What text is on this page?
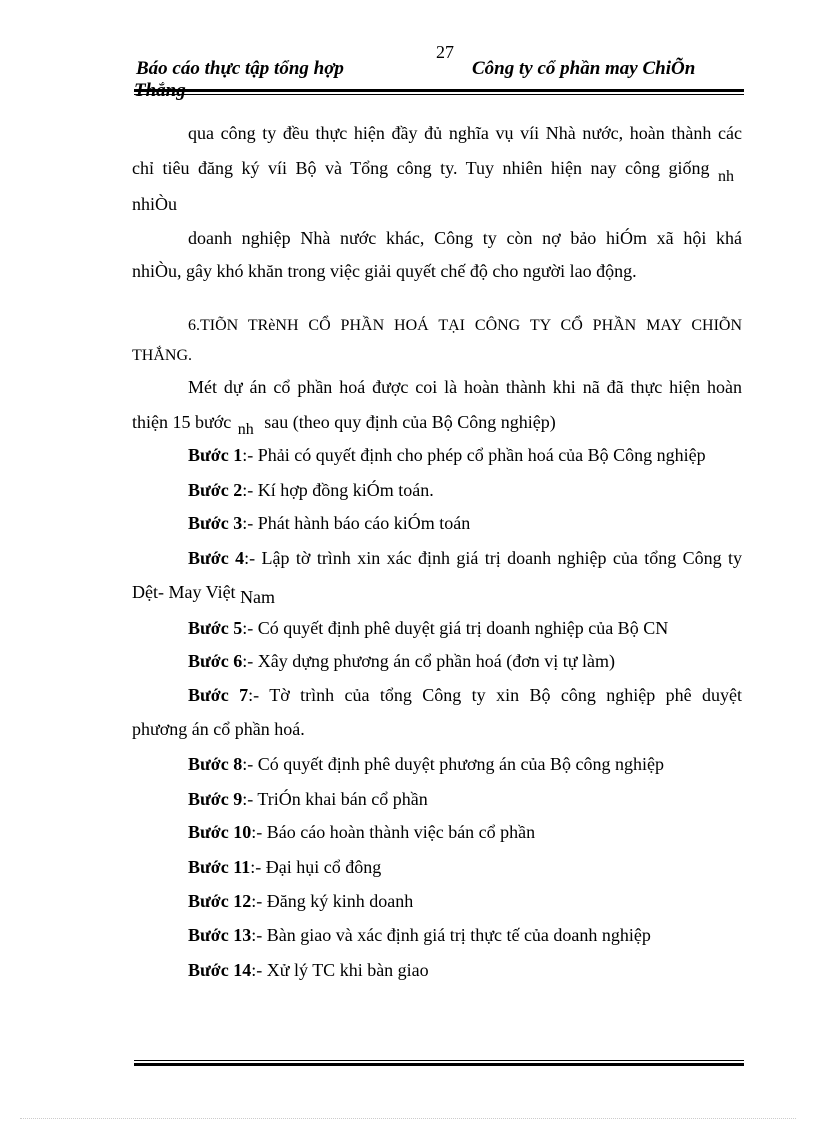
27
Báo cáo thực tập tổng hợp	Công ty cổ phần may ChiÕn
qua công ty đều thực hiện đầy đủ nghĩa vụ víi Nhà nước, hoàn thành các
chỉ tiêu đăng ký víi Bộ và Tổng công ty. Tuy nhiên hiện nay công giống nh
nhiÒu
doanh nghiệp Nhà nước khác, Công ty còn nợ bảo hiÓm xã hội khá
nhiÒu, gây khó khăn trong việc giải quyết chế độ cho người lao động.
6.TIÕN TRèNH CỔ PHẦN HOÁ TẠI CÔNG TY CỔ PHẦN MAY CHIÕN
THẮNG.
Mét dự án cổ phần hoá được coi là hoàn thành khi nã đã thực hiện hoàn
thiện 15 bước nh sau (theo quy định của Bộ Công nghiệp)
Bước 1:- Phải có quyết định cho phép cổ phần hoá của Bộ Công nghiệp
Bước 2:- Kí hợp đồng kiÓm toán.
Bước 3:- Phát hành báo cáo kiÓm toán
Bước 4:- Lập tờ trình xin xác định giá trị doanh nghiệp của tổng Công ty
Dệt- May Việt Nam
Bước 5:- Có quyết định phê duyệt giá trị doanh nghiệp của Bộ CN
Bước 6:- Xây dựng phương án cổ phần hoá (đơn vị tự làm)
Bước 7:- Tờ trình của tổng Công ty xin Bộ công nghiệp phê duyệt
phương án cổ phần hoá.
Bước 8:- Có quyết định phê duyệt phương án của Bộ công nghiệp
Bước 9:- TriÓn khai bán cổ phần
Bước 10:- Báo cáo hoàn thành việc bán cổ phần
Bước 11:- Đại hụi cổ đông
Bước 12:- Đăng ký kinh doanh
Bước 13:- Bàn giao và xác định giá trị thực tế của doanh nghiệp
Bước 14:- Xử lý TC khi bàn giao
